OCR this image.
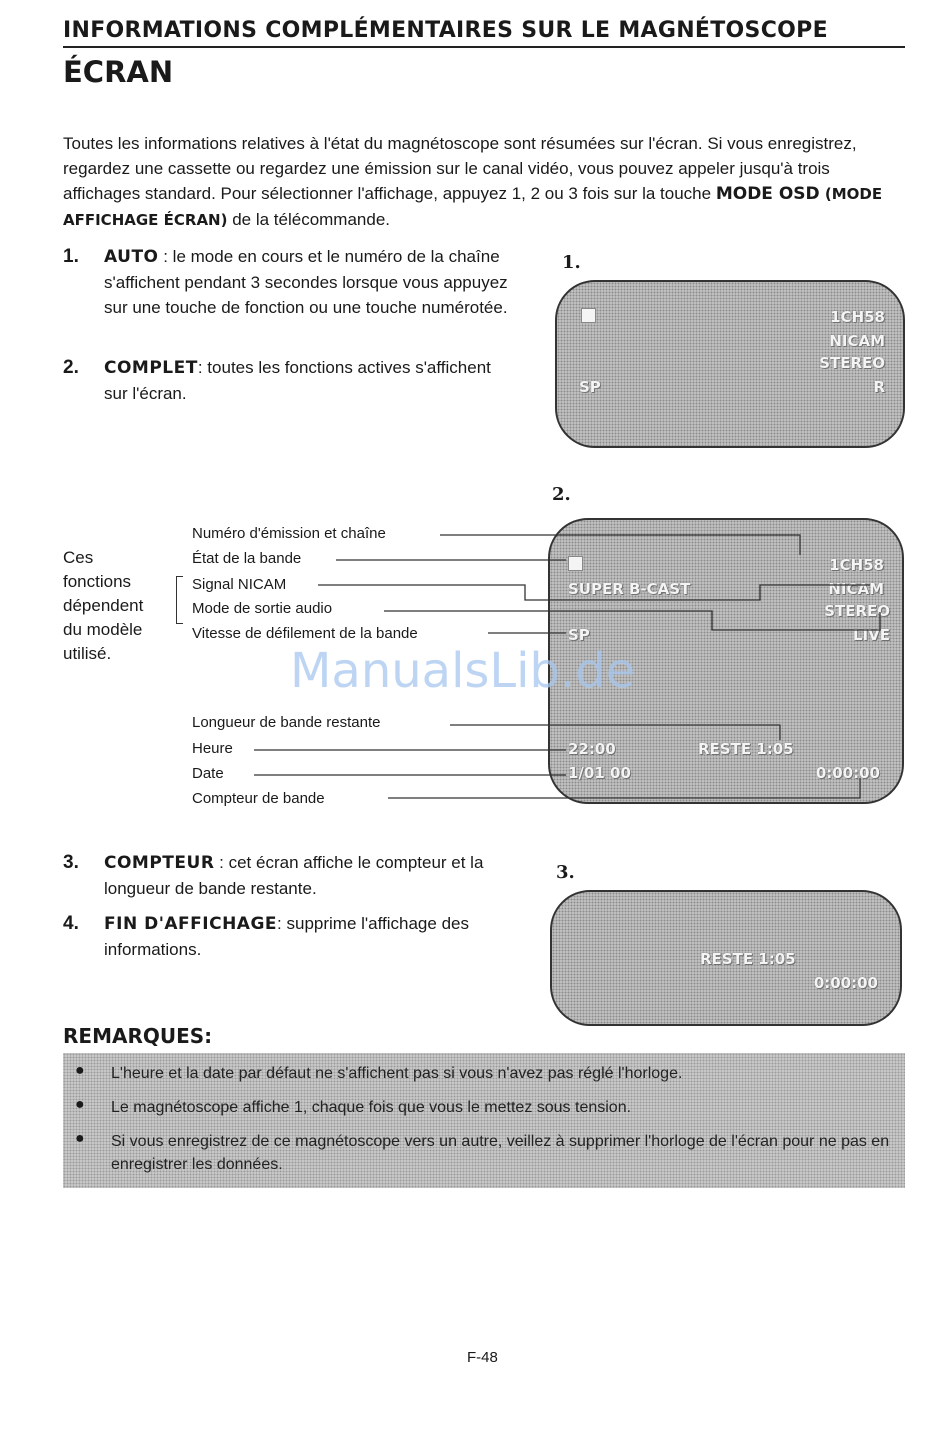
INFORMATIONS COMPLÉMENTAIRES SUR LE MAGNÉTOSCOPE
ÉCRAN
Toutes les informations relatives à l'état du magnétoscope sont résumées sur l'écran. Si vous enregistrez, regardez une cassette ou regardez une émission sur le canal vidéo, vous pouvez appeler jusqu'à trois affichages standard. Pour sélectionner l'affichage, appuyez 1, 2 ou 3 fois sur la touche MODE OSD (MODE AFFICHAGE ÉCRAN) de la télécommande.
1. AUTO : le mode en cours et le numéro de la chaîne s'affichent pendant 3 secondes lorsque vous appuyez sur une touche de fonction ou une touche numérotée.
2. COMPLET: toutes les fonctions actives s'affichent sur l'écran.
1.
1CH58
NICAM
STEREO
SP	R
2.
1CH58
SUPER B-CAST	NICAM
STEREO
SP	LIVE
22:00	RESTE 1:05
1/01 00	0:00:00
Ces
fonctions
dépendent
du modèle
utilisé.
Numéro d'émission et chaîne
État de la bande
Signal NICAM
Mode de sortie audio
Vitesse de défilement de la bande
Longueur de bande restante
Heure
Date
Compteur de bande
ManualsLib.de
3. COMPTEUR : cet écran affiche le compteur et la longueur de bande restante.
4. FIN D'AFFICHAGE: supprime l'affichage des informations.
3.
RESTE 1:05
0:00:00
REMARQUES:
● L'heure et la date par défaut ne s'affichent pas si vous n'avez pas réglé l'horloge.
● Le magnétoscope affiche 1, chaque fois que vous le mettez sous tension.
● Si vous enregistrez de ce magnétoscope vers un autre, veillez à supprimer l'horloge de l'écran pour ne pas en enregistrer les données.
F-48
